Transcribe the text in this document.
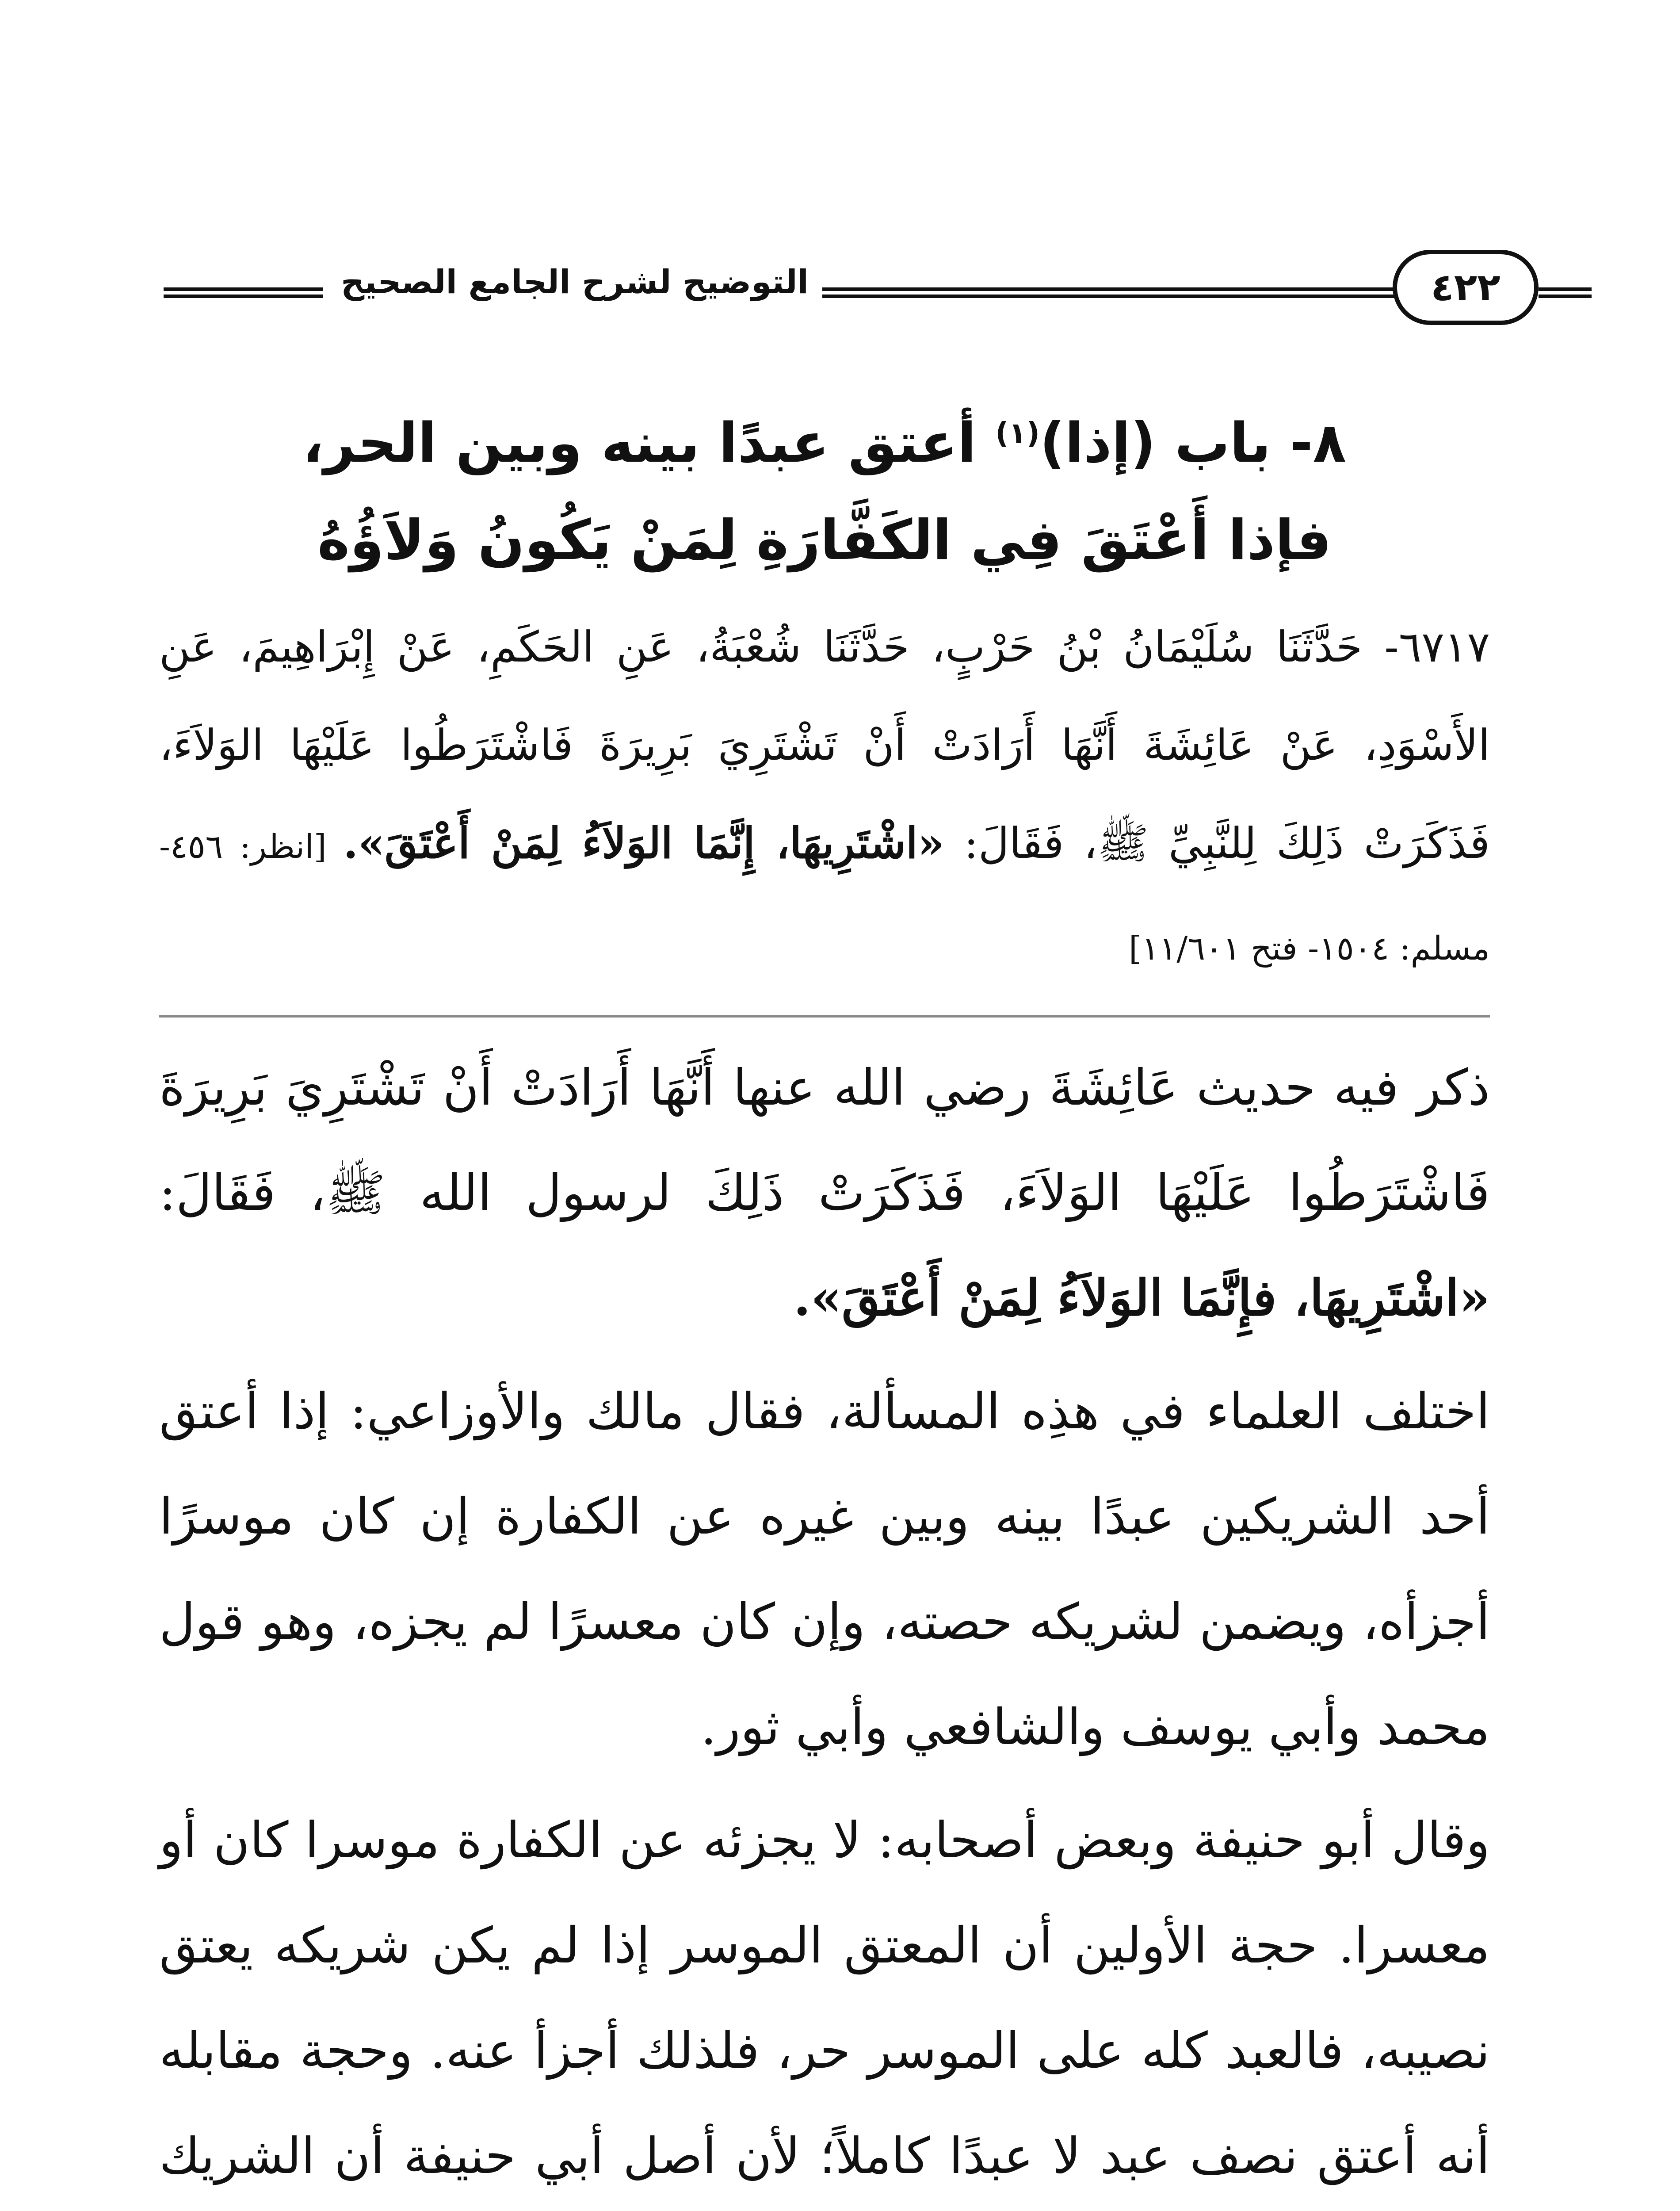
التوضيح لشرح الجامع الصحيح	٤٢٢
٨- باب (إذا)$^{(١)}$ أعتق عبدًا بينه وبين الحر،
فإذا أَعْتَقَ فِي الكَفَّارَةِ لِمَنْ يَكُونُ وَلاَؤُهُ
٦٧١٧- حَدَّثَنَا سُلَيْمَانُ بْنُ حَرْبٍ، حَدَّثَنَا شُعْبَةُ، عَنِ الحَكَمِ، عَنْ إِبْرَاهِيمَ، عَنِ الأَسْوَدِ، عَنْ عَائِشَةَ أَنَّهَا أَرَادَتْ أَنْ تَشْتَرِيَ بَرِيرَةَ فَاشْتَرَطُوا عَلَيْهَا الوَلاَءَ، فَذَكَرَتْ ذَلِكَ لِلنَّبِيِّ ﷺ، فَقَالَ: «اشْتَرِيهَا، إِنَّمَا الوَلاَءُ لِمَنْ أَعْتَقَ». [انظر: ٤٥٦- مسلم: ١٥٠٤- فتح ١١/٦٠١]

ذكر فيه حديث عَائِشَةَ رضي الله عنها أَنَّهَا أَرَادَتْ أَنْ تَشْتَرِيَ بَرِيرَةَ فَاشْتَرَطُوا عَلَيْهَا الوَلاَءَ، فَذَكَرَتْ ذَلِكَ لرسول الله ﷺ، فَقَالَ: «اشْتَرِيهَا، فإِنَّمَا الوَلاَءُ لِمَنْ أَعْتَقَ».

اختلف العلماء في هذِه المسألة، فقال مالك والأوزاعي: إذا أعتق أحد الشريكين عبدًا بينه وبين غيره عن الكفارة إن كان موسرًا أجزأه، ويضمن لشريكه حصته، وإن كان معسرًا لم يجزه، وهو قول محمد وأبي يوسف والشافعي وأبي ثور.

وقال أبو حنيفة وبعض أصحابه: لا يجزئه عن الكفارة موسرا كان أو معسرا. حجة الأولين أن المعتق الموسر إذا لم يكن شريكه يعتق نصيبه، فالعبد كله على الموسر حر، فلذلك أجزأ عنه. وحجة مقابله أنه أعتق نصف عبد لا عبدًا كاملاً؛ لأن أصل أبي حنيفة أن الشريك
